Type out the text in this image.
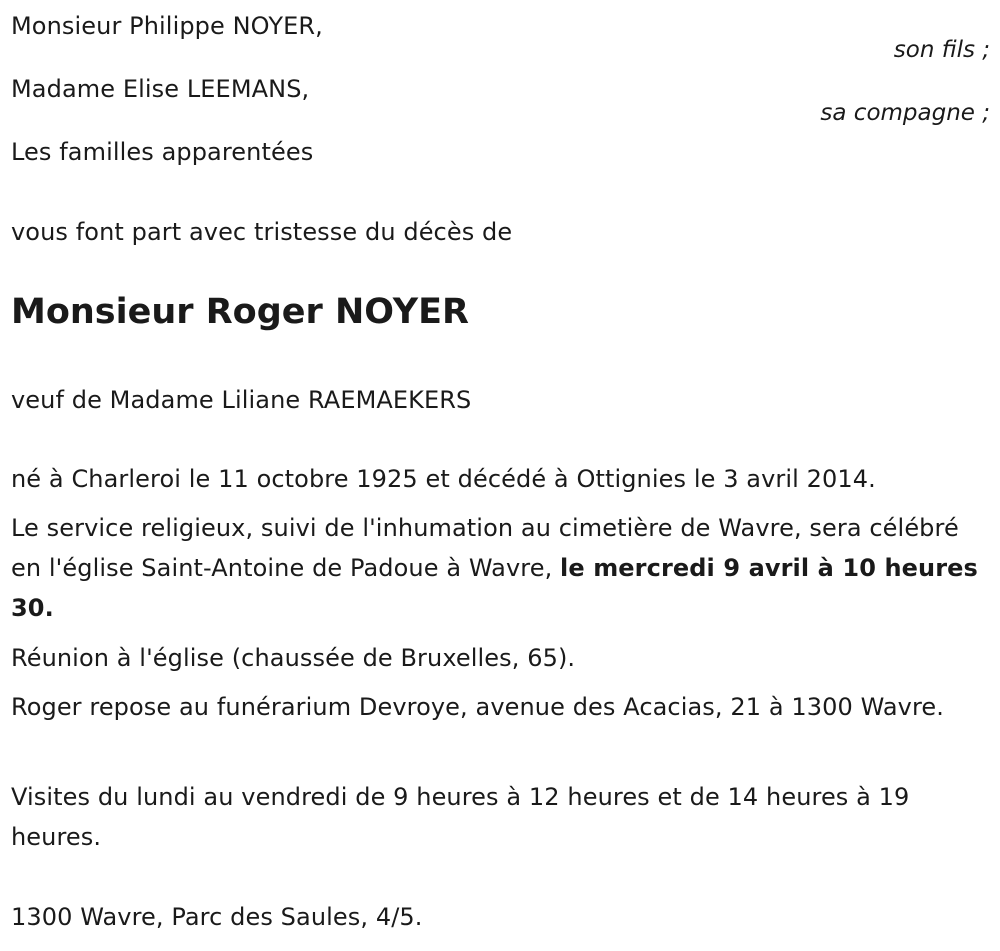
Monsieur Philippe NOYER,
son fils ;
Madame Elise LEEMANS,
sa compagne ;
Les familles apparentées
vous font part avec tristesse du décès de
Monsieur Roger NOYER
veuf de Madame Liliane RAEMAEKERS
né à Charleroi le 11 octobre 1925 et décédé à Ottignies le 3 avril 2014.
Le service religieux, suivi de l'inhumation au cimetière de Wavre, sera célébré en l'église Saint-Antoine de Padoue à Wavre, le mercredi 9 avril à 10 heures 30.
Réunion à l'église (chaussée de Bruxelles, 65).
Roger repose au funérarium Devroye, avenue des Acacias, 21 à 1300 Wavre.
Visites du lundi au vendredi de 9 heures à 12 heures et de 14 heures à 19 heures.
1300 Wavre, Parc des Saules, 4/5.
